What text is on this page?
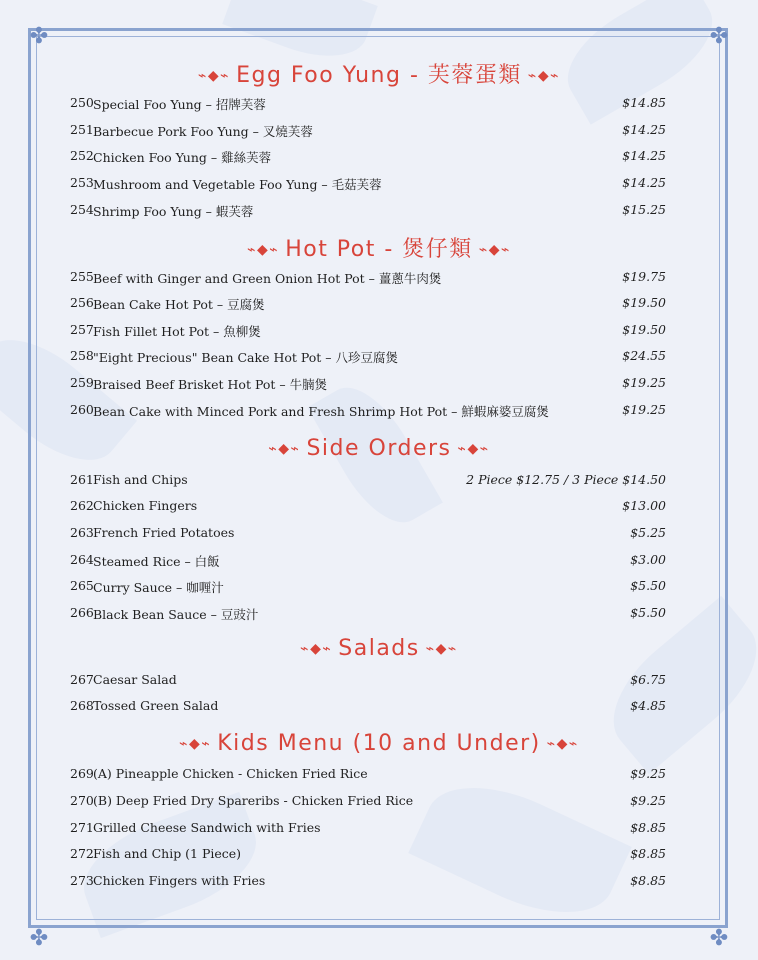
✤	✤
✤	✤
⌁◆⌁ Egg Foo Yung - 芙蓉蛋類 ⌁◆⌁
250 Special Foo Yung – 招牌芙蓉	$14.85
251 Barbecue Pork Foo Yung – 叉燒芙蓉	$14.25
252 Chicken Foo Yung – 雞絲芙蓉	$14.25
253 Mushroom and Vegetable Foo Yung – 毛菇芙蓉	$14.25
254 Shrimp Foo Yung – 蝦芙蓉	$15.25
⌁◆⌁ Hot Pot - 煲仔類 ⌁◆⌁
255 Beef with Ginger and Green Onion Hot Pot – 薑蔥牛肉煲	$19.75
256 Bean Cake Hot Pot – 豆腐煲	$19.50
257 Fish Fillet Hot Pot – 魚柳煲	$19.50
258 "Eight Precious" Bean Cake Hot Pot – 八珍豆腐煲	$24.55
259 Braised Beef Brisket Hot Pot – 牛腩煲	$19.25
260 Bean Cake with Minced Pork and Fresh Shrimp Hot Pot – 鮮蝦麻婆豆腐煲	$19.25
⌁◆⌁ Side Orders ⌁◆⌁
261 Fish and Chips	2 Piece $12.75 / 3 Piece $14.50
262 Chicken Fingers	$13.00
263 French Fried Potatoes	$5.25
264 Steamed Rice – 白飯	$3.00
265 Curry Sauce – 咖喱汁	$5.50
266 Black Bean Sauce – 豆豉汁	$5.50
⌁◆⌁ Salads ⌁◆⌁
267 Caesar Salad	$6.75
268 Tossed Green Salad	$4.85
⌁◆⌁ Kids Menu (10 and Under) ⌁◆⌁
269 (A) Pineapple Chicken - Chicken Fried Rice	$9.25
270 (B) Deep Fried Dry Spareribs - Chicken Fried Rice	$9.25
271 Grilled Cheese Sandwich with Fries	$8.85
272 Fish and Chip (1 Piece)	$8.85
273 Chicken Fingers with Fries	$8.85
